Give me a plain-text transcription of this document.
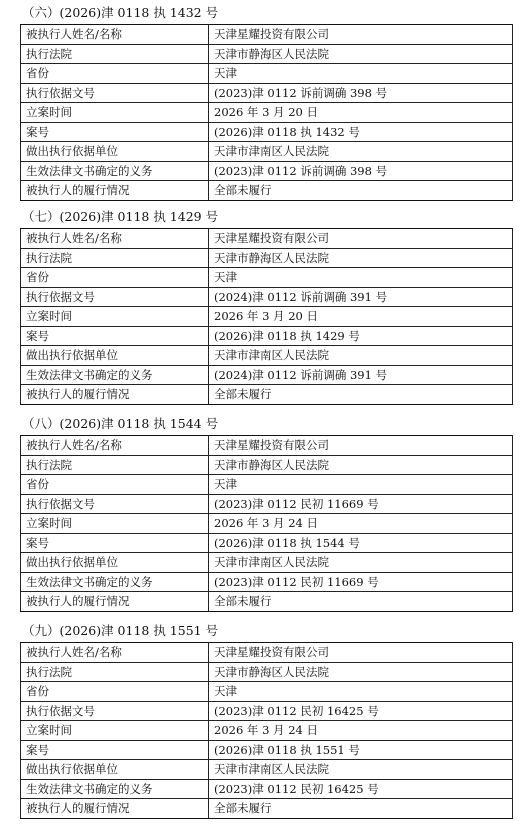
（六）(2026)津 0118 执 1432 号
被执行人姓名/名称	天津星耀投资有限公司
执行法院	天津市静海区人民法院
省份	天津
执行依据文号	(2023)津 0112 诉前调确 398 号
立案时间	2026 年 3 月 20 日
案号	(2026)津 0118 执 1432 号
做出执行依据单位	天津市津南区人民法院
生效法律文书确定的义务	(2023)津 0112 诉前调确 398 号
被执行人的履行情况	全部未履行
（七）(2026)津 0118 执 1429 号
被执行人姓名/名称	天津星耀投资有限公司
执行法院	天津市静海区人民法院
省份	天津
执行依据文号	(2024)津 0112 诉前调确 391 号
立案时间	2026 年 3 月 20 日
案号	(2026)津 0118 执 1429 号
做出执行依据单位	天津市津南区人民法院
生效法律文书确定的义务	(2024)津 0112 诉前调确 391 号
被执行人的履行情况	全部未履行
（八）(2026)津 0118 执 1544 号
被执行人姓名/名称	天津星耀投资有限公司
执行法院	天津市静海区人民法院
省份	天津
执行依据文号	(2023)津 0112 民初 11669 号
立案时间	2026 年 3 月 24 日
案号	(2026)津 0118 执 1544 号
做出执行依据单位	天津市津南区人民法院
生效法律文书确定的义务	(2023)津 0112 民初 11669 号
被执行人的履行情况	全部未履行
（九）(2026)津 0118 执 1551 号
被执行人姓名/名称	天津星耀投资有限公司
执行法院	天津市静海区人民法院
省份	天津
执行依据文号	(2023)津 0112 民初 16425 号
立案时间	2026 年 3 月 24 日
案号	(2026)津 0118 执 1551 号
做出执行依据单位	天津市津南区人民法院
生效法律文书确定的义务	(2023)津 0112 民初 16425 号
被执行人的履行情况	全部未履行
